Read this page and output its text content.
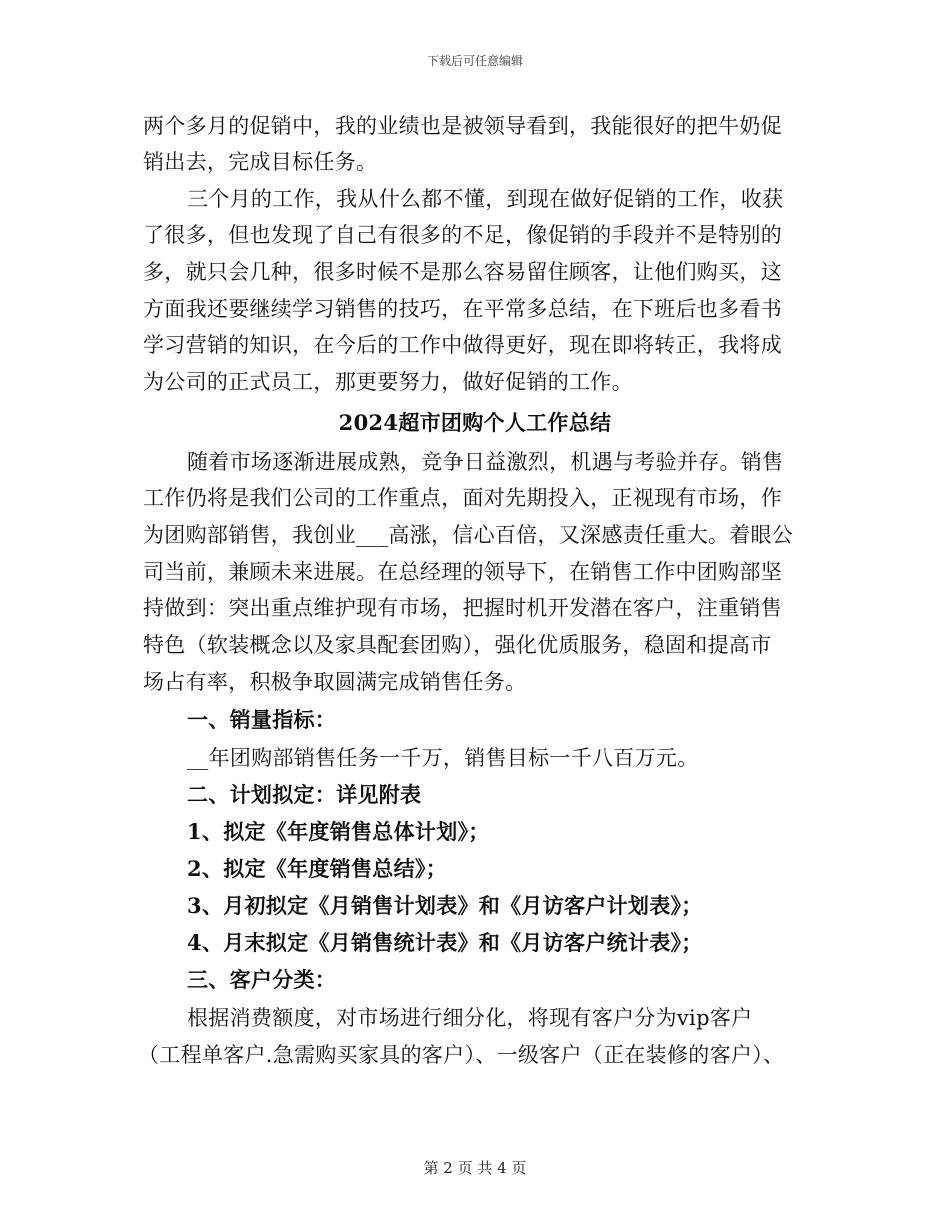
下载后可任意编辑
两个多月的促销中，我的业绩也是被领导看到，我能很好的把牛奶促
销出去，完成目标任务。
三个月的工作，我从什么都不懂，到现在做好促销的工作，收获
了很多，但也发现了自己有很多的不足，像促销的手段并不是特别的
多，就只会几种，很多时候不是那么容易留住顾客，让他们购买，这
方面我还要继续学习销售的技巧，在平常多总结，在下班后也多看书
学习营销的知识，在今后的工作中做得更好，现在即将转正，我将成
为公司的正式员工，那更要努力，做好促销的工作。
2024超市团购个人工作总结
随着市场逐渐进展成熟，竞争日益激烈，机遇与考验并存。销售
工作仍将是我们公司的工作重点，面对先期投入，正视现有市场，作
为团购部销售，我创业___高涨，信心百倍，又深感责任重大。着眼公
司当前，兼顾未来进展。在总经理的领导下，在销售工作中团购部坚
持做到：突出重点维护现有市场，把握时机开发潜在客户，注重销售
特色（软装概念以及家具配套团购），强化优质服务，稳固和提高市
场占有率，积极争取圆满完成销售任务。
一、销量指标：
__年团购部销售任务一千万，销售目标一千八百万元。
二、计划拟定：详见附表
1、拟定《年度销售总体计划》；
2、拟定《年度销售总结》；
3、月初拟定《月销售计划表》和《月访客户计划表》；
4、月末拟定《月销售统计表》和《月访客户统计表》；
三、客户分类：
根据消费额度，对市场进行细分化，将现有客户分为vip客户
（工程单客户.急需购买家具的客户）、一级客户（正在装修的客户）、
第 2 页 共 4 页
